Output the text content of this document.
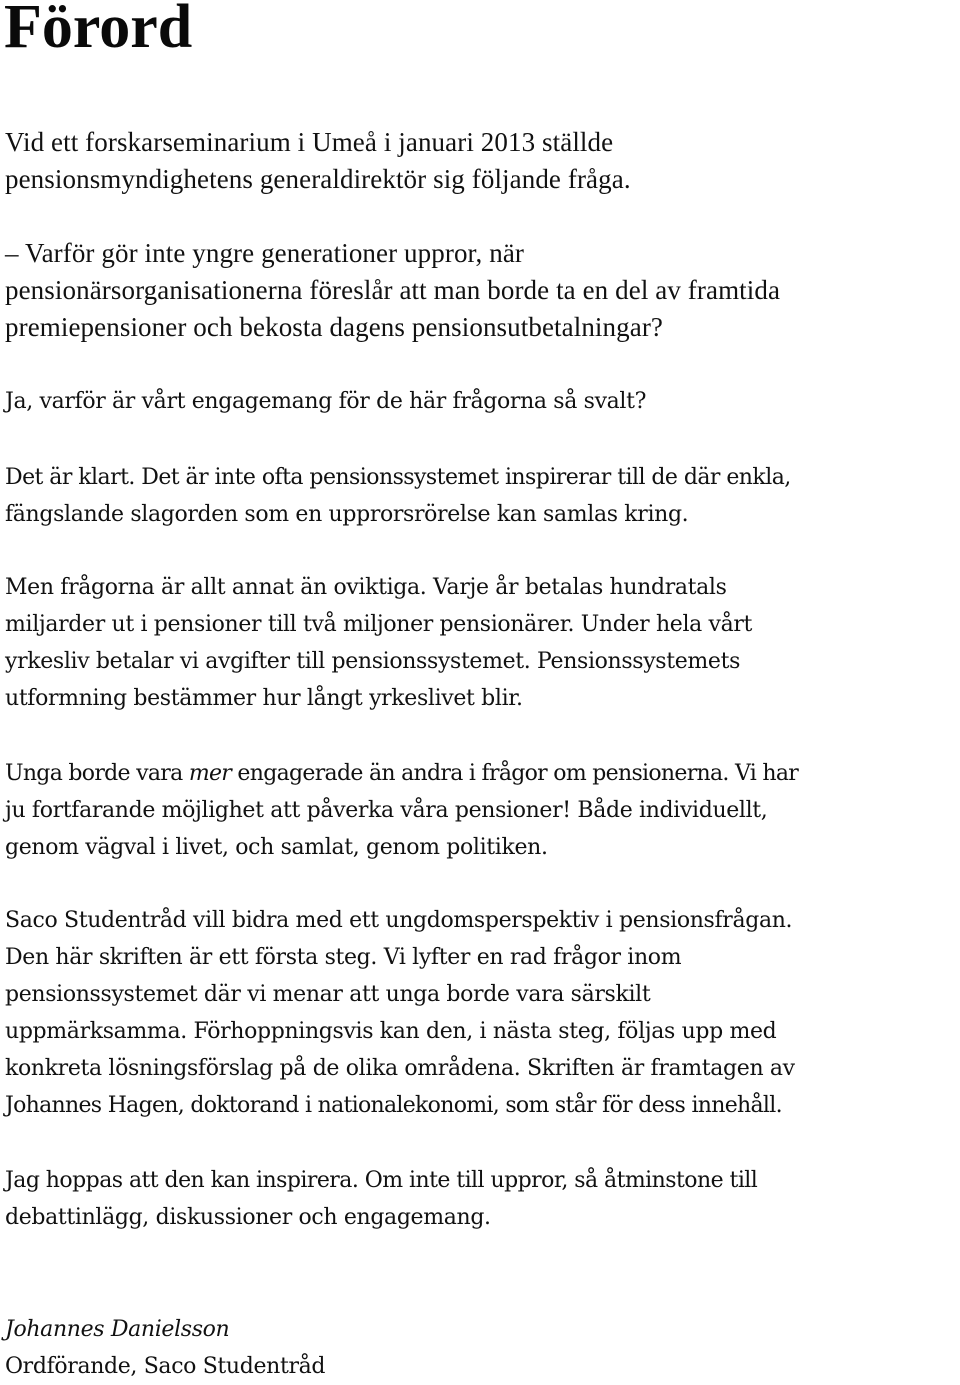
Förord

Vid ett forskarseminarium i Umeå i januari 2013 ställde
pensionsmyndighetens generaldirektör sig följande fråga.

– Varför gör inte yngre generationer uppror, när
pensionärsorganisationerna föreslår att man borde ta en del av framtida
premiepensioner och bekosta dagens pensionsutbetalningar?

Ja, varför är vårt engagemang för de här frågorna så svalt?

Det är klart. Det är inte ofta pensionssystemet inspirerar till de där enkla,
fängslande slagorden som en upprorsrörelse kan samlas kring.

Men frågorna är allt annat än oviktiga. Varje år betalas hundratals
miljarder ut i pensioner till två miljoner pensionärer. Under hela vårt
yrkesliv betalar vi avgifter till pensionssystemet. Pensionssystemets
utformning bestämmer hur långt yrkeslivet blir.

Unga borde vara mer engagerade än andra i frågor om pensionerna. Vi har
ju fortfarande möjlighet att påverka våra pensioner! Både individuellt,
genom vägval i livet, och samlat, genom politiken.

Saco Studentråd vill bidra med ett ungdomsperspektiv i pensionsfrågan.
Den här skriften är ett första steg. Vi lyfter en rad frågor inom
pensionssystemet där vi menar att unga borde vara särskilt
uppmärksamma. Förhoppningsvis kan den, i nästa steg, följas upp med
konkreta lösningsförslag på de olika områdena. Skriften är framtagen av
Johannes Hagen, doktorand i nationalekonomi, som står för dess innehåll.

Jag hoppas att den kan inspirera. Om inte till uppror, så åtminstone till
debattinlägg, diskussioner och engagemang.

Johannes Danielsson
Ordförande, Saco Studentråd
